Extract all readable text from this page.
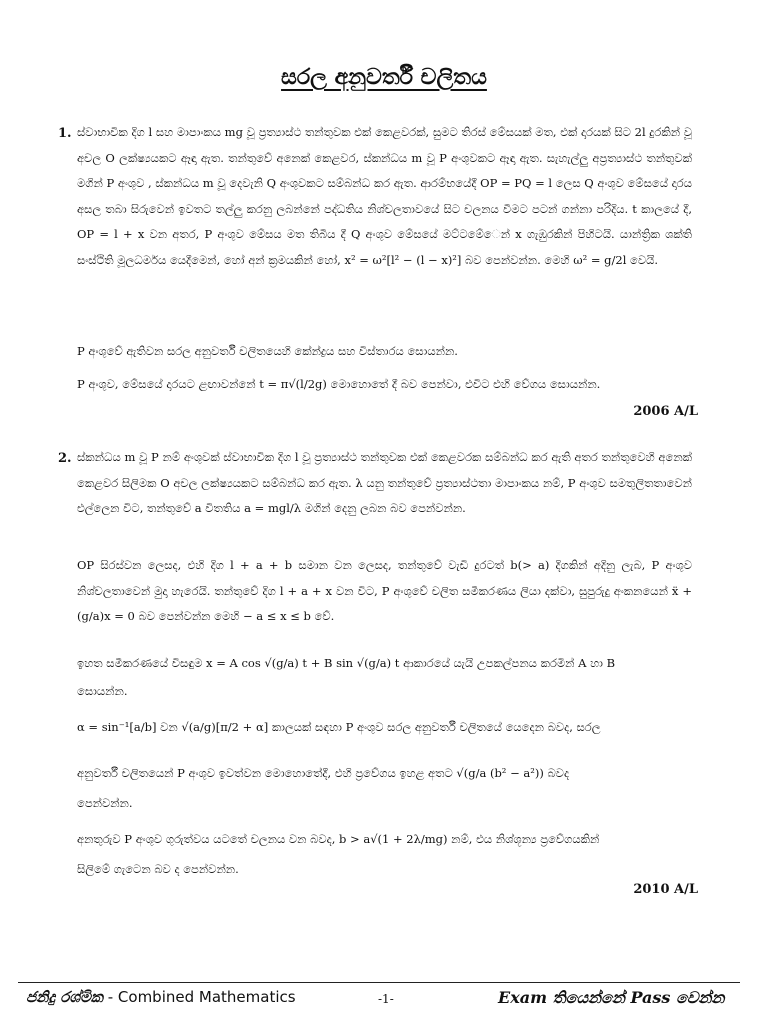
සරල අනුවර්තී චලිතය
1. ස්වාභාවික දිග l සහ මාපාංකය mg වූ ප්‍රත්‍යාස්ථ තන්තුවක එක් කෙළවරක්, සුමට තිරස් මේසයක් මත, එක් දාරයක් සිට 2l දුරකින් වූ අචල O ලක්ෂ්‍යයකට ඈඳා ඇත. තන්තුවේ අනෙක් කෙළවර, ස්කන්ධය m වූ P අංශුවකට ඈඳා ඇත. සැහැල්ලු අප්‍රත්‍යාස්ථ තන්තුවක් මගින් P අංශුව , ස්කන්ධය m වූ දෙවැනි Q අංශුවකට සම්බන්ධ කර ඇත. ආරම්භයේදී OP = PQ = l ලෙස Q අංශුව මේසයේ දාරය අසල තබා සිරුවෙන් ඉවතට තල්ලු කරනු ලබන්නේ පද්ධතිය නිශ්චලතාවයේ සිට චලනය වීමට පටන් ගන්නා පරිදිය. t කාලයේ දී, OP = l + x වන අතර, P අංශුව මේසය මත තිබීය දී Q අංශුව මේසයේ මට්ටමේ‍ෙන් x ගැඹුරකින් පිහිටයි. යාන්ත්‍රික ශක්ති සංස්ථිති මූලධර්මය යෙදීමෙන්, හෝ අන් ක්‍රමයකින් හෝ, x² = ω²[l² − (l − x)²] බව පෙන්වන්න. මෙහි ω² = g/2l වෙයි.

P අංශුවේ ඇතිවන සරල අනුවර්තී චලිතයෙහි කේන්ද්‍රය සහ විස්තාරය සොයන්න.
P අංශුව, මේසයේ දාරයට ළඟාවන්නේ t = π√(l/2g) මොහොතේ දී බව පෙන්වා, එවිට එහි වේගය සොයන්න.
2006 A/L
2. ස්කන්ධය m වූ P නම් අංශුවක් ස්වාභාවික දිග l වූ ප්‍රත්‍යාස්ථ තන්තුවක එක් කෙළවරක සම්බන්ධ කර ඇති අතර තන්තුවෙහි අනෙක් කෙළවර සිලිමක O අචල ලක්ෂ්‍යයකට සම්බන්ධ කර ඇත. λ යනු තන්තුවේ ප්‍රත්‍යාස්ථතා මාපාංකය නම්, P අංශුව සමතුලිතතාවෙන් එල්ලෙන විට, තන්තුවේ a විතතිය a = mgl/λ මගින් දෙනු ලබන බව පෙන්වන්න.

OP සිරස්වන ලෙසද, එහි දිග l + a + b සමාන වන ලෙසද, තන්තුවේ වැඩි දුරටත් b(> a) දිගකින් අදිනු ලැබ, P අංශුව නිශ්චලතාවෙන් මුදා හැරෙයි. තන්තුවේ දිග l + a + x වන විට, P අංශුවේ චලිත සමීකරණය ලියා දක්වා, සුපුරුදු අංකනයෙන් ẍ + (g/a)x = 0 බව පෙන්වන්න මෙහි − a ≤ x ≤ b වේ.

ඉහත සමීකරණයේ විසඳුම x = A cos √(g/a) t + B sin √(g/a) t ආකාරයේ යැයි උපකල්පනය කරමින් A හා B
සොයන්න.
α = sin⁻¹[a/b] වන √(a/g)[π/2 + α] කාලයක් සඳහා P අංශුව සරල අනුවර්තී චලිතයේ යෙදෙන බවද, සරල
අනුවර්තී චලිතයෙන් P අංශුව ඉවත්වන මොහොතේදී, එහි ප්‍රවේගය ඉහළ අතට √(g/a (b² − a²)) බවද
පෙන්වන්න.
අනතුරුව P අංශුව ගුරුත්වය යටතේ චලනය වන බවද, b > a√(1 + 2λ/mg) නම්, එය නිශ්ශූන්‍ය ප්‍රවේගයකින්
සිලිමේ ගැටෙන බව ද පෙන්වන්න.
2010 A/L
ජනිදු රශ්මික - Combined Mathematics	-1-	Exam තියෙන්නේ Pass වෙන්න
